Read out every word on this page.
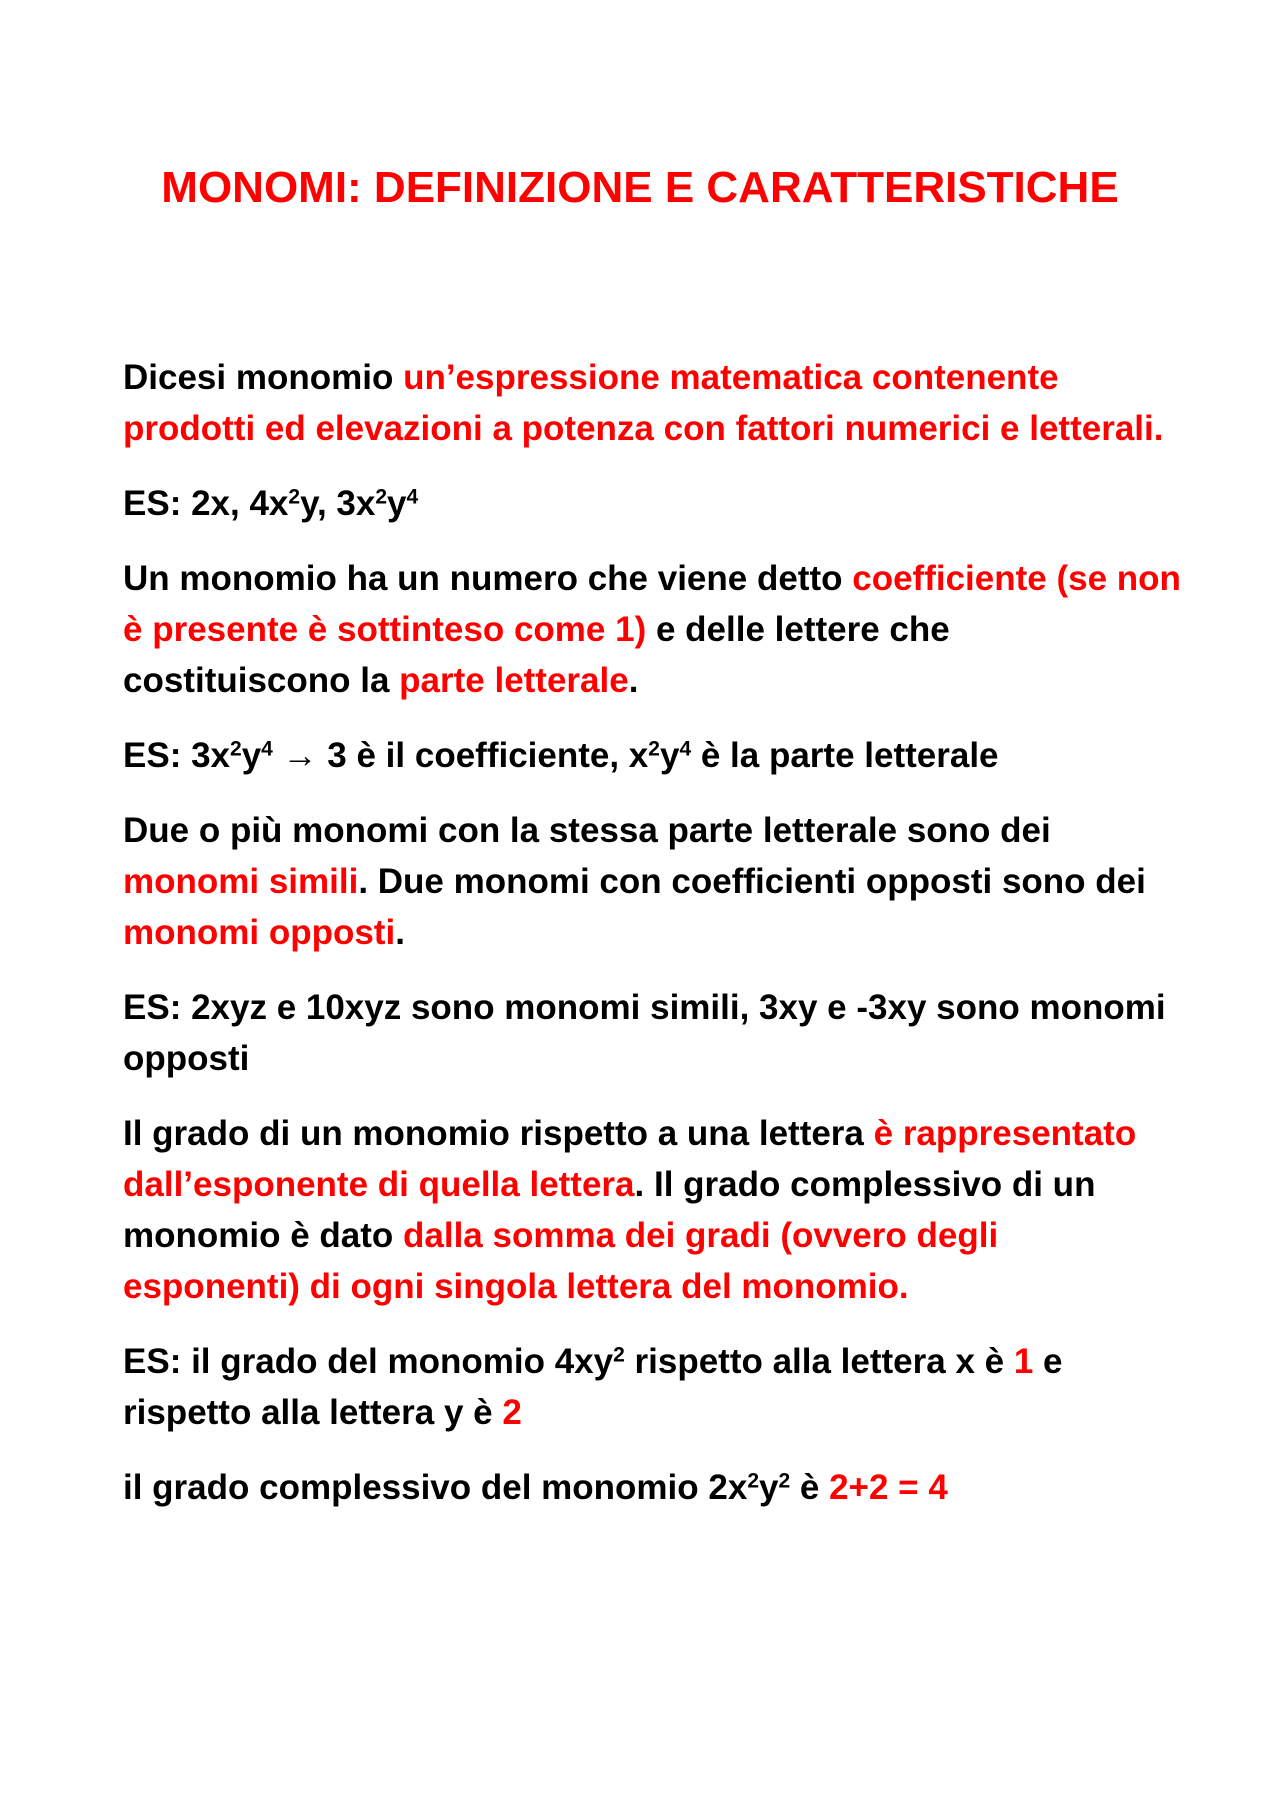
MONOMI: DEFINIZIONE E CARATTERISTICHE

Dicesi monomio un’espressione matematica contenente prodotti ed elevazioni a potenza con fattori numerici e letterali.

ES: 2x, $4x^2y$, $3x^2y^4$

Un monomio ha un numero che viene detto coefficiente (se non è presente è sottinteso come 1) e delle lettere che costituiscono la parte letterale.

ES: $3x^2y^4 \to 3$ è il coefficiente, $x^2y^4$ è la parte letterale

Due o più monomi con la stessa parte letterale sono dei monomi simili. Due monomi con coefficienti opposti sono dei monomi opposti.

ES: 2xyz e 10xyz sono monomi simili, 3xy e -3xy sono monomi opposti

Il grado di un monomio rispetto a una lettera è rappresentato dall’esponente di quella lettera. Il grado complessivo di un monomio è dato dalla somma dei gradi (ovvero degli esponenti) di ogni singola lettera del monomio.

ES: il grado del monomio $4xy^2$ rispetto alla lettera x è 1 e rispetto alla lettera y è 2

il grado complessivo del monomio $2x^2y^2$ è 2+2 = 4
